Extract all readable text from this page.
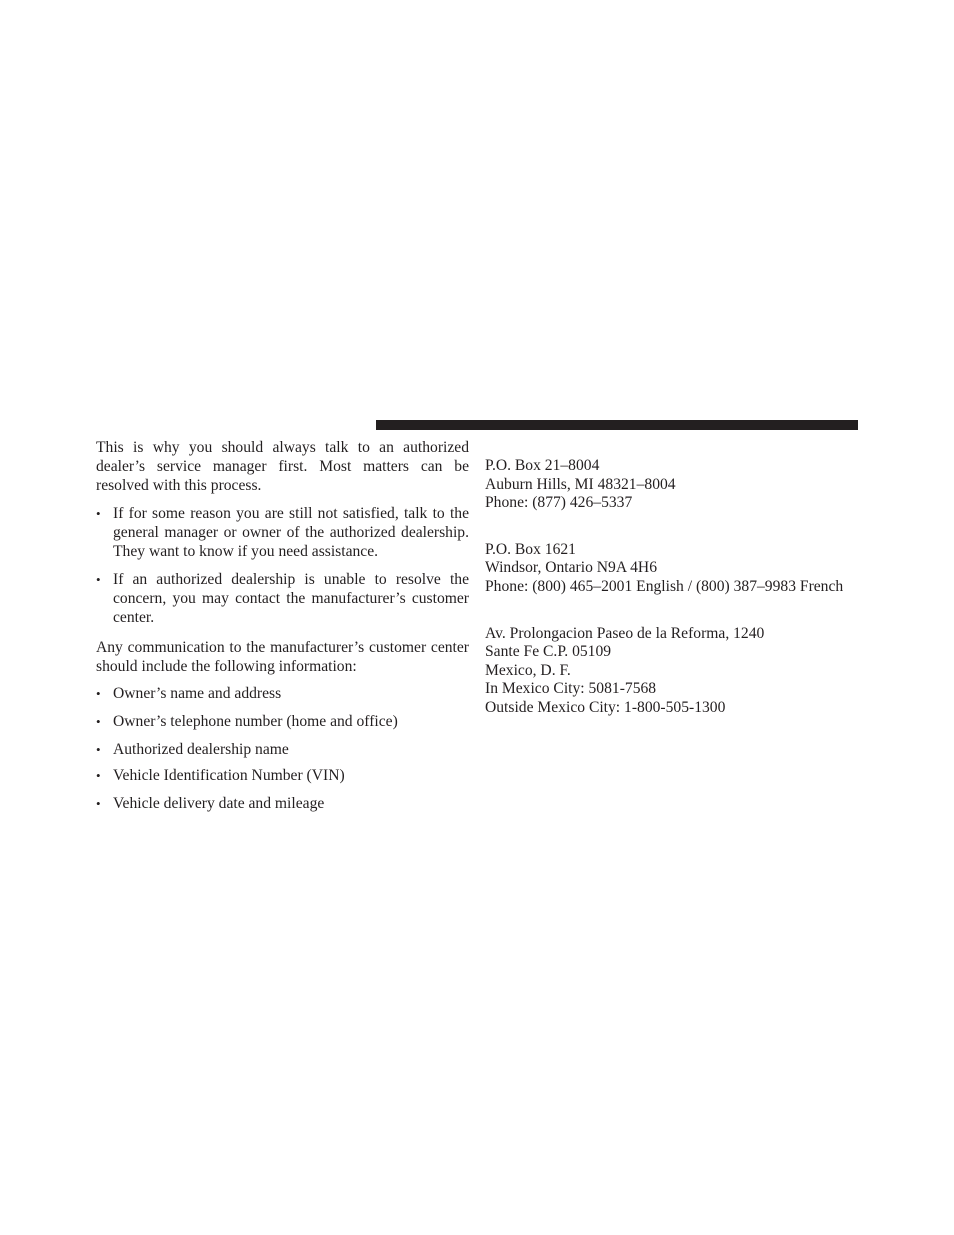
This is why you should always talk to an authorized dealer’s service manager first. Most matters can be resolved with this process.

• If for some reason you are still not satisfied, talk to the general manager or owner of the authorized dealership. They want to know if you need assistance.
• If an authorized dealership is unable to resolve the concern, you may contact the manufacturer’s customer center.

Any communication to the manufacturer’s customer center should include the following information:

• Owner’s name and address
• Owner’s telephone number (home and office)
• Authorized dealership name
• Vehicle Identification Number (VIN)
• Vehicle delivery date and mileage
P.O. Box 21–8004
Auburn Hills, MI 48321–8004
Phone: (877) 426–5337
P.O. Box 1621
Windsor, Ontario N9A 4H6
Phone: (800) 465–2001 English / (800) 387–9983 French
Av. Prolongacion Paseo de la Reforma, 1240
Sante Fe C.P. 05109
Mexico, D. F.
In Mexico City: 5081-7568
Outside Mexico City: 1-800-505-1300
